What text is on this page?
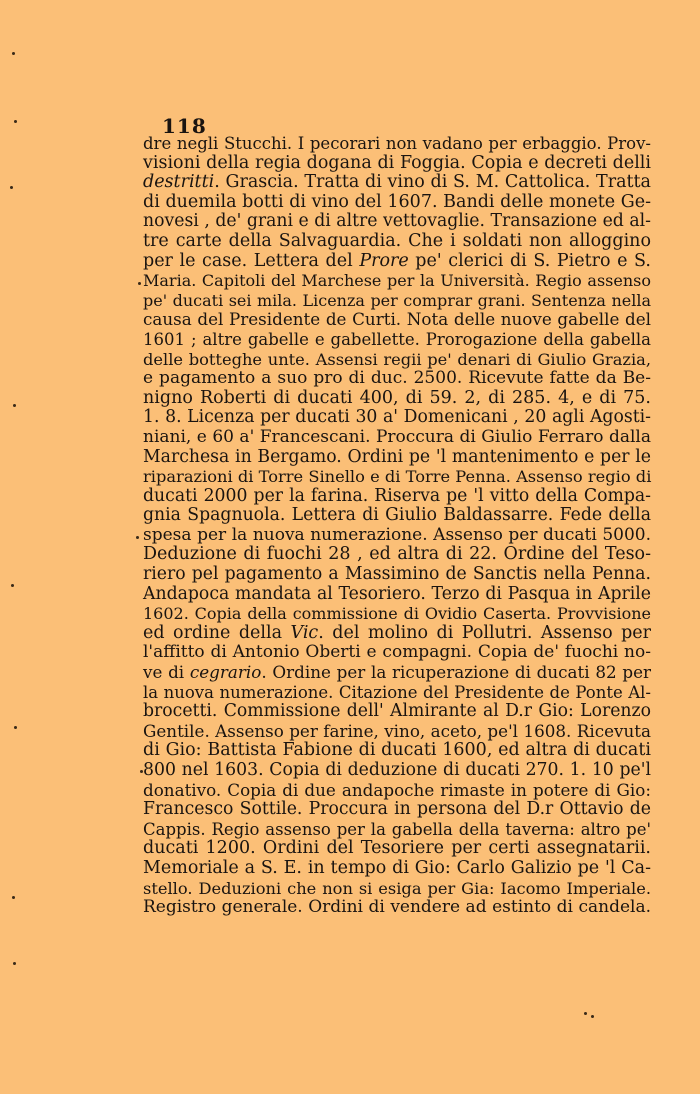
118
dre negli Stucchi. I pecorari non vadano per erbaggio. Prov‑
visioni della regia dogana di Foggia. Copia e decreti delli
destritti. Grascia. Tratta di vino di S. M. Cattolica. Tratta
di duemila botti di vino del 1607. Bandi delle monete Ge‑
novesi , de' grani e di altre vettovaglie. Transazione ed al‑
tre carte della Salvaguardia. Che i soldati non alloggino
per le case. Lettera del Prore pe' clerici di S. Pietro e S.
Maria. Capitoli del Marchese per la Università. Regio assenso
pe' ducati sei mila. Licenza per comprar grani. Sentenza nella
causa del Presidente de Curti. Nota delle nuove gabelle del
1601 ; altre gabelle e gabellette. Prorogazione della gabella
delle botteghe unte. Assensi regii pe' denari di Giulio Grazia,
e pagamento a suo pro di duc. 2500. Ricevute fatte da Be‑
nigno Roberti di ducati 400, di 59. 2, di 285. 4, e di 75.
1. 8. Licenza per ducati 30 a' Domenicani , 20 agli Agosti‑
niani, e 60 a' Francescani. Proccura di Giulio Ferraro dalla
Marchesa in Bergamo. Ordini pe 'l mantenimento e per le
riparazioni di Torre Sinello e di Torre Penna. Assenso regio di
ducati 2000 per la farina. Riserva pe 'l vitto della Compa‑
gnia Spagnuola. Lettera di Giulio Baldassarre. Fede della
spesa per la nuova numerazione. Assenso per ducati 5000.
Deduzione di fuochi 28 , ed altra di 22. Ordine del Teso‑
riero pel pagamento a Massimino de Sanctis nella Penna.
Andapoca mandata al Tesoriero. Terzo di Pasqua in Aprile
1602. Copia della commissione di Ovidio Caserta. Provvisione
ed ordine della Vic. del molino di Pollutri. Assenso per
l'affitto di Antonio Oberti e compagni. Copia de' fuochi no‑
ve di cegrario. Ordine per la ricuperazione di ducati 82 per
la nuova numerazione. Citazione del Presidente de Ponte Al‑
brocetti. Commissione dell' Almirante al D.r Gio: Lorenzo
Gentile. Assenso per farine, vino, aceto, pe'l 1608. Ricevuta
di Gio: Battista Fabione di ducati 1600, ed altra di ducati
800 nel 1603. Copia di deduzione di ducati 270. 1. 10 pe'l
donativo. Copia di due andapoche rimaste in potere di Gio:
Francesco Sottile. Proccura in persona del D.r Ottavio de
Cappis. Regio assenso per la gabella della taverna: altro pe'
ducati 1200. Ordini del Tesoriere per certi assegnatarii.
Memoriale a S. E. in tempo di Gio: Carlo Galizio pe 'l Ca‑
stello. Deduzioni che non si esiga per Gia: Iacomo Imperiale.
Registro generale. Ordini di vendere ad estinto di candela.
